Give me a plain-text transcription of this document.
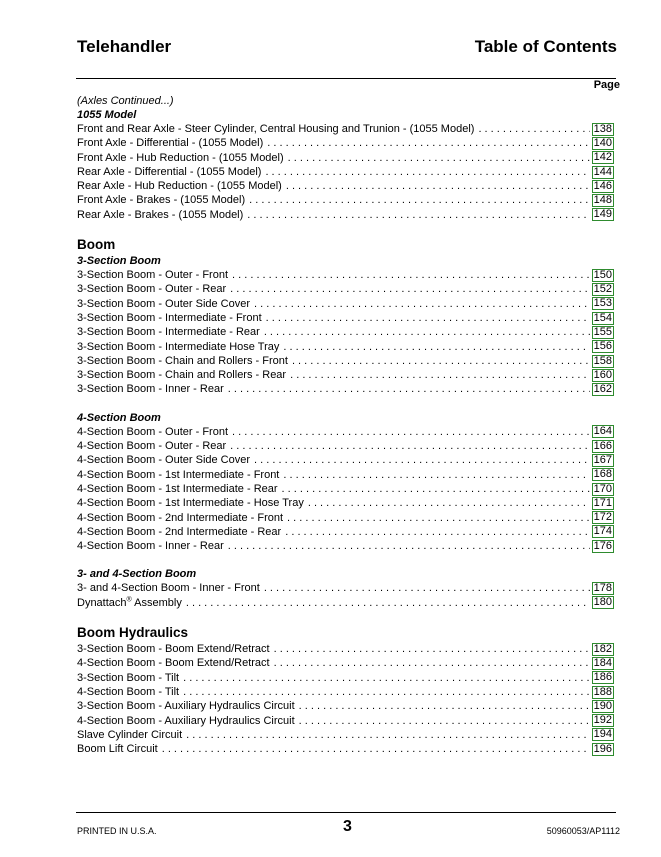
Telehandler	Table of Contents
Page
(Axles Continued...)
1055 Model
Front and Rear Axle - Steer Cylinder, Central Housing and Trunion - (1055 Model) . . .	138
Front Axle - Differential - (1055 Model) . . .	140
Front Axle - Hub Reduction - (1055 Model) . . .	142
Rear Axle - Differential - (1055 Model) . . .	144
Rear Axle - Hub Reduction - (1055 Model) . . .	146
Front Axle - Brakes - (1055 Model) . . .	148
Rear Axle - Brakes - (1055 Model) . . .	149
Boom
3-Section Boom
3-Section Boom - Outer - Front . . .	150
3-Section Boom - Outer - Rear . . .	152
3-Section Boom - Outer Side Cover . . .	153
3-Section Boom - Intermediate - Front . . .	154
3-Section Boom - Intermediate - Rear . . .	155
3-Section Boom - Intermediate Hose Tray . . .	156
3-Section Boom - Chain and Rollers - Front . . .	158
3-Section Boom - Chain and Rollers - Rear . . .	160
3-Section Boom - Inner - Rear . . .	162
4-Section Boom
4-Section Boom - Outer - Front . . .	164
4-Section Boom - Outer - Rear . . .	166
4-Section Boom - Outer Side Cover . . .	167
4-Section Boom - 1st Intermediate - Front . . .	168
4-Section Boom - 1st Intermediate - Rear . . .	170
4-Section Boom - 1st Intermediate - Hose Tray . . .	171
4-Section Boom - 2nd Intermediate - Front . . .	172
4-Section Boom - 2nd Intermediate - Rear . . .	174
4-Section Boom - Inner - Rear . . .	176
3- and 4-Section Boom
3- and 4-Section Boom - Inner - Front . . .	178
Dynattach® Assembly . . .	180
Boom Hydraulics
3-Section Boom - Boom Extend/Retract . . .	182
4-Section Boom - Boom Extend/Retract . . .	184
3-Section Boom - Tilt . . .	186
4-Section Boom - Tilt . . .	188
3-Section Boom - Auxiliary Hydraulics Circuit . . .	190
4-Section Boom - Auxiliary Hydraulics Circuit . . .	192
Slave Cylinder Circuit . . .	194
Boom Lift Circuit . . .	196
PRINTED IN U.S.A.	3	50960053/AP1112
